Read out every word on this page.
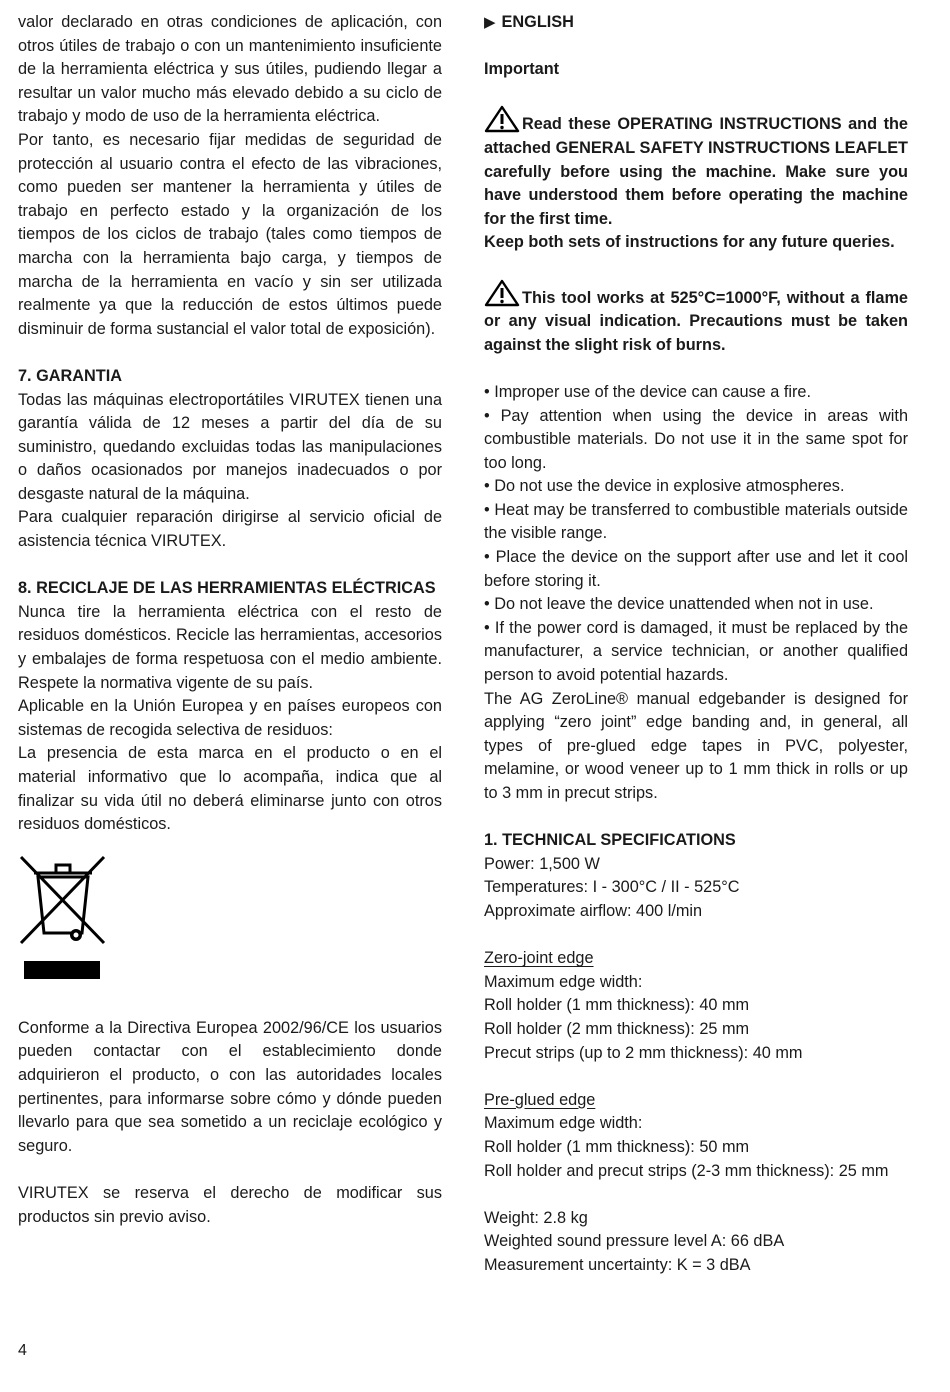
valor declarado en otras condiciones de aplicación, con otros útiles de trabajo o con un mantenimiento insuficiente de la herramienta eléctrica y sus útiles, pudiendo llegar a resultar un valor mucho más elevado debido a su ciclo de trabajo y modo de uso de la herramienta eléctrica.

Por tanto, es necesario fijar medidas de seguridad de protección al usuario contra el efecto de las vibraciones, como pueden ser mantener la herramienta y útiles de trabajo en perfecto estado y la organización de los tiempos de los ciclos de trabajo (tales como tiempos de marcha con la herramienta bajo carga, y tiempos de marcha de la herramienta en vacío y sin ser utilizada realmente ya que la reducción de estos últimos puede disminuir de forma sustancial el valor total de exposición).

7. GARANTIA

Todas las máquinas electroportátiles VIRUTEX tienen una garantía válida de 12 meses a partir del día de su suministro, quedando excluidas todas las manipulaciones o daños ocasionados por manejos inadecuados o por desgaste natural de la máquina.

Para cualquier reparación dirigirse al servicio oficial de asistencia técnica VIRUTEX.

8. RECICLAJE DE LAS HERRAMIENTAS ELÉCTRICAS

Nunca tire la herramienta eléctrica con el resto de residuos domésticos. Recicle las herramientas, accesorios y embalajes de forma respetuosa con el medio ambiente. Respete la normativa vigente de su país.

Aplicable en la Unión Europea y en países europeos con sistemas de recogida selectiva de residuos:

La presencia de esta marca en el producto o en el material informativo que lo acompaña, indica que al finalizar su vida útil no deberá eliminarse junto con otros residuos domésticos.

Conforme a la Directiva Europea 2002/96/CE los usuarios pueden contactar con el establecimiento donde adquirieron el producto, o con las autoridades locales pertinentes, para informarse sobre cómo y dónde pueden llevarlo para que sea sometido a un reciclaje ecológico y seguro.

VIRUTEX se reserva el derecho de modificar sus productos sin previo aviso.

▶ ENGLISH

Important

Read these OPERATING INSTRUCTIONS and the attached GENERAL SAFETY INSTRUCTIONS LEAFLET carefully before using the machine. Make sure you have understood them before operating the machine for the first time.

Keep both sets of instructions for any future queries.

This tool works at 525°C=1000°F, without a flame or any visual indication. Precautions must be taken against the slight risk of burns.

• Improper use of the device can cause a fire.

• Pay attention when using the device in areas with combustible materials. Do not use it in the same spot for too long.

• Do not use the device in explosive atmospheres.

• Heat may be transferred to combustible materials outside the visible range.

• Place the device on the support after use and let it cool before storing it.

• Do not leave the device unattended when not in use.

• If the power cord is damaged, it must be replaced by the manufacturer, a service technician, or another qualified person to avoid potential hazards.

The AG ZeroLine® manual edgebander is designed for applying “zero joint” edge banding and, in general, all types of pre-glued edge tapes in PVC, polyester, melamine, or wood veneer up to 1 mm thick in rolls or up to 3 mm in precut strips.

1. TECHNICAL SPECIFICATIONS

Power: 1,500 W

Temperatures: I - 300°C / II - 525°C

Approximate airflow: 400 l/min

Zero-joint edge

Maximum edge width:

Roll holder (1 mm thickness): 40 mm

Roll holder (2 mm thickness): 25 mm

Precut strips (up to 2 mm thickness): 40 mm

Pre-glued edge

Maximum edge width:

Roll holder (1 mm thickness): 50 mm

Roll holder and precut strips (2-3 mm thickness): 25 mm

Weight: 2.8 kg

Weighted sound pressure level A: 66 dBA

Measurement uncertainty: K = 3 dBA

4
